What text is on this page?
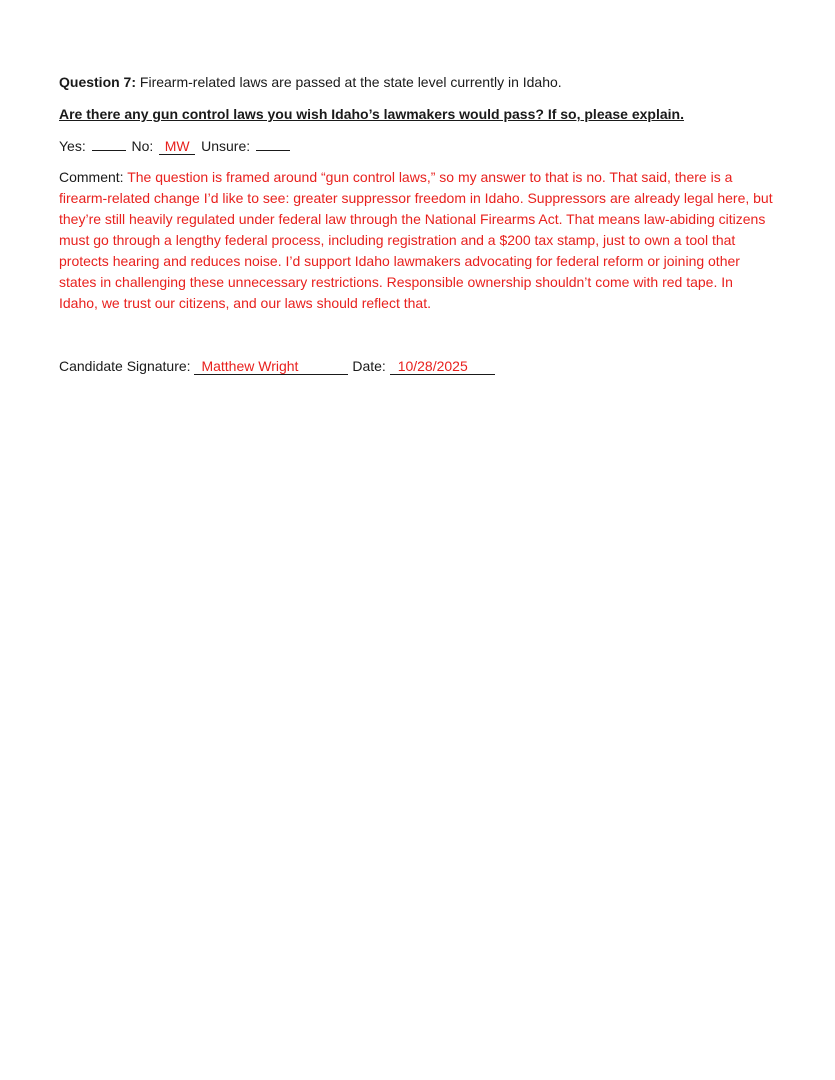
Question 7: Firearm-related laws are passed at the state level currently in Idaho.

Are there any gun control laws you wish Idaho’s lawmakers would pass? If so, please explain.

Yes:	No: MW Unsure:

Comment: The question is framed around “gun control laws,” so my answer to that is no. That said, there is a firearm-related change I’d like to see: greater suppressor freedom in Idaho. Suppressors are already legal here, but they’re still heavily regulated under federal law through the National Firearms Act. That means law-abiding citizens must go through a lengthy federal process, including registration and a $200 tax stamp, just to own a tool that protects hearing and reduces noise. I’d support Idaho lawmakers advocating for federal reform or joining other states in challenging these unnecessary restrictions. Responsible ownership shouldn’t come with red tape. In Idaho, we trust our citizens, and our laws should reflect that.

Candidate Signature: Matthew Wright	Date: 10/28/2025
